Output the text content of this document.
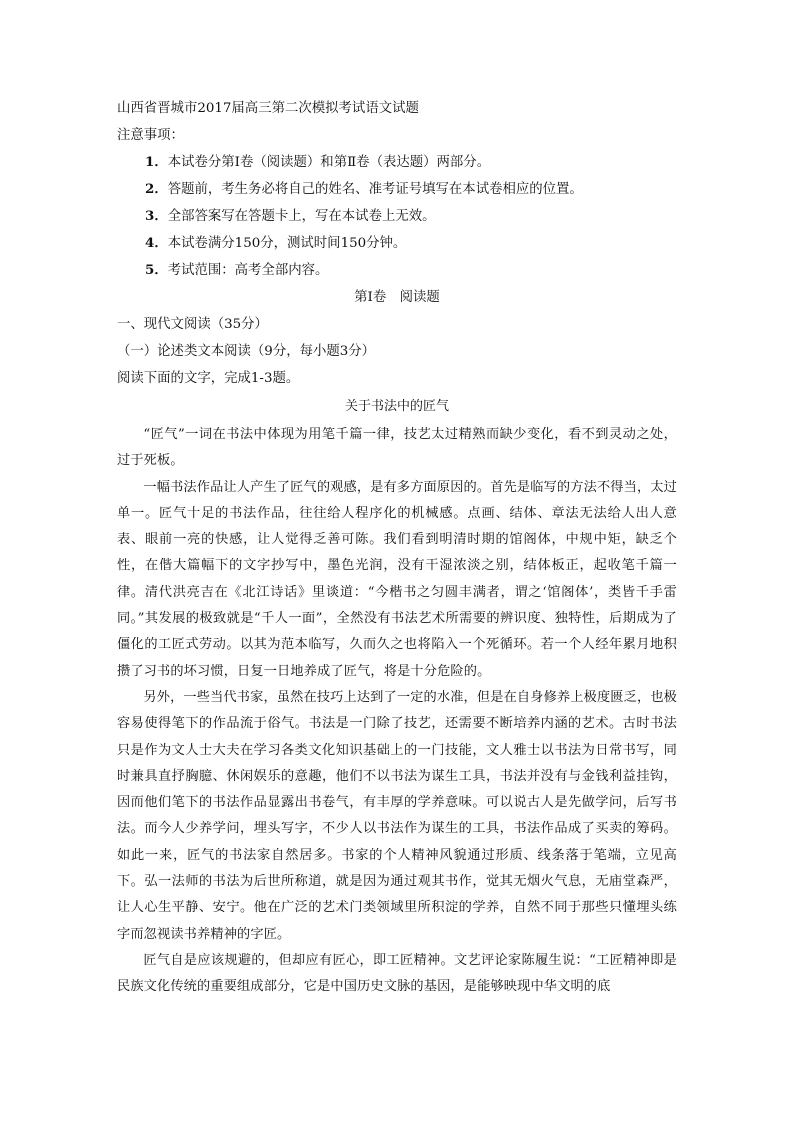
山西省晋城市2017届高三第二次模拟考试语文试题
注意事项：
1．本试卷分第Ⅰ卷（阅读题）和第Ⅱ卷（表达题）两部分。
2．答题前，考生务必将自己的姓名、准考证号填写在本试卷相应的位置。
3．全部答案写在答题卡上，写在本试卷上无效。
4．本试卷满分150分，测试时间150分钟。
5．考试范围：高考全部内容。
第Ⅰ卷　阅读题
一、现代文阅读（35分）
（一）论述类文本阅读（9分，每小题3分）
阅读下面的文字，完成1-3题。
关于书法中的匠气

“匠气”一词在书法中体现为用笔千篇一律，技艺太过精熟而缺少变化，看不到灵动之处，过于死板。

一幅书法作品让人产生了匠气的观感，是有多方面原因的。首先是临写的方法不得当，太过单一。匠气十足的书法作品，往往给人程序化的机械感。点画、结体、章法无法给人出人意表、眼前一亮的快感，让人觉得乏善可陈。我们看到明清时期的馆阁体，中规中矩，缺乏个性，在偕大篇幅下的文字抄写中，墨色光润，没有干湿浓淡之别，结体板正，起收笔千篇一律。清代洪亮吉在《北江诗话》里谈道：“今楷书之匀圆丰满者，谓之‘馆阁体’，类皆千手雷同。”其发展的极致就是“千人一面”，全然没有书法艺术所需要的辨识度、独特性，后期成为了僵化的工匠式劳动。以其为范本临写，久而久之也将陷入一个死循环。若一个人经年累月地积攒了习书的坏习惯，日复一日地养成了匠气，将是十分危险的。

另外，一些当代书家，虽然在技巧上达到了一定的水准，但是在自身修养上极度匮乏，也极容易使得笔下的作品流于俗气。书法是一门除了技艺，还需要不断培养内涵的艺术。古时书法只是作为文人士大夫在学习各类文化知识基础上的一门技能，文人雅士以书法为日常书写，同时兼具直抒胸臆、休闲娱乐的意趣，他们不以书法为谋生工具，书法并没有与金钱利益挂钩，因而他们笔下的书法作品显露出书卷气，有丰厚的学养意味。可以说古人是先做学问，后写书法。而今人少养学问，埋头写字，不少人以书法作为谋生的工具，书法作品成了买卖的筹码。如此一来，匠气的书法家自然居多。书家的个人精神风貌通过形质、线条落于笔端，立见高下。弘一法师的书法为后世所称道，就是因为通过观其书作，觉其无烟火气息，无庙堂森严，让人心生平静、安宁。他在广泛的艺术门类领域里所积淀的学养，自然不同于那些只懂埋头练字而忽视读书养精神的字匠。

匠气自是应该规避的，但却应有匠心，即工匠精神。文艺评论家陈履生说：“工匠精神即是民族文化传统的重要组成部分，它是中国历史文脉的基因，是能够映现中华文明的底
